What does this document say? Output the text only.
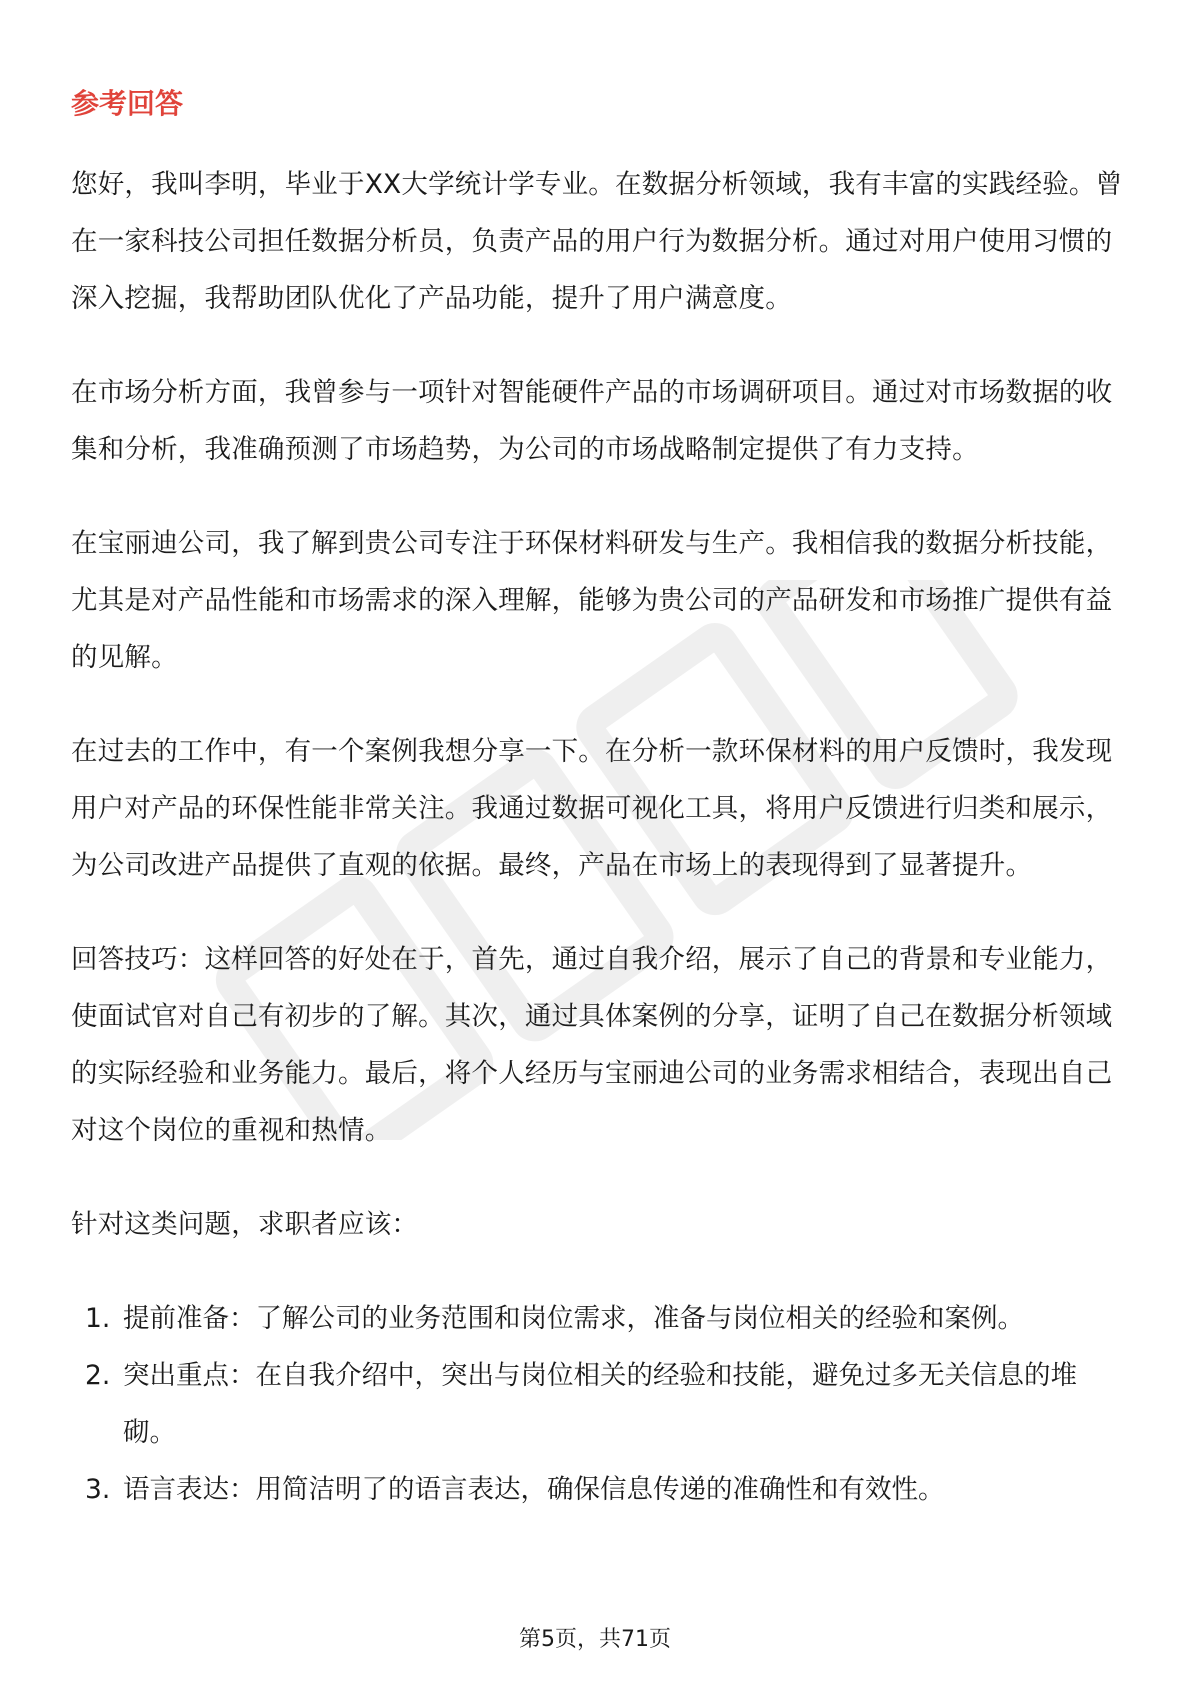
参考回答

您好，我叫李明，毕业于XX大学统计学专业。在数据分析领域，我有丰富的实践经验。曾在一家科技公司担任数据分析员，负责产品的用户行为数据分析。通过对用户使用习惯的深入挖掘，我帮助团队优化了产品功能，提升了用户满意度。

在市场分析方面，我曾参与一项针对智能硬件产品的市场调研项目。通过对市场数据的收集和分析，我准确预测了市场趋势，为公司的市场战略制定提供了有力支持。

在宝丽迪公司，我了解到贵公司专注于环保材料研发与生产。我相信我的数据分析技能，尤其是对产品性能和市场需求的深入理解，能够为贵公司的产品研发和市场推广提供有益的见解。

在过去的工作中，有一个案例我想分享一下。在分析一款环保材料的用户反馈时，我发现用户对产品的环保性能非常关注。我通过数据可视化工具，将用户反馈进行归类和展示，为公司改进产品提供了直观的依据。最终，产品在市场上的表现得到了显著提升。

回答技巧：这样回答的好处在于，首先，通过自我介绍，展示了自己的背景和专业能力，使面试官对自己有初步的了解。其次，通过具体案例的分享，证明了自己在数据分析领域的实际经验和业务能力。最后，将个人经历与宝丽迪公司的业务需求相结合，表现出自己对这个岗位的重视和热情。

针对这类问题，求职者应该：

1. 提前准备：了解公司的业务范围和岗位需求，准备与岗位相关的经验和案例。
2. 突出重点：在自我介绍中，突出与岗位相关的经验和技能，避免过多无关信息的堆砌。
3. 语言表达：用简洁明了的语言表达，确保信息传递的准确性和有效性。
第5页，共71页
